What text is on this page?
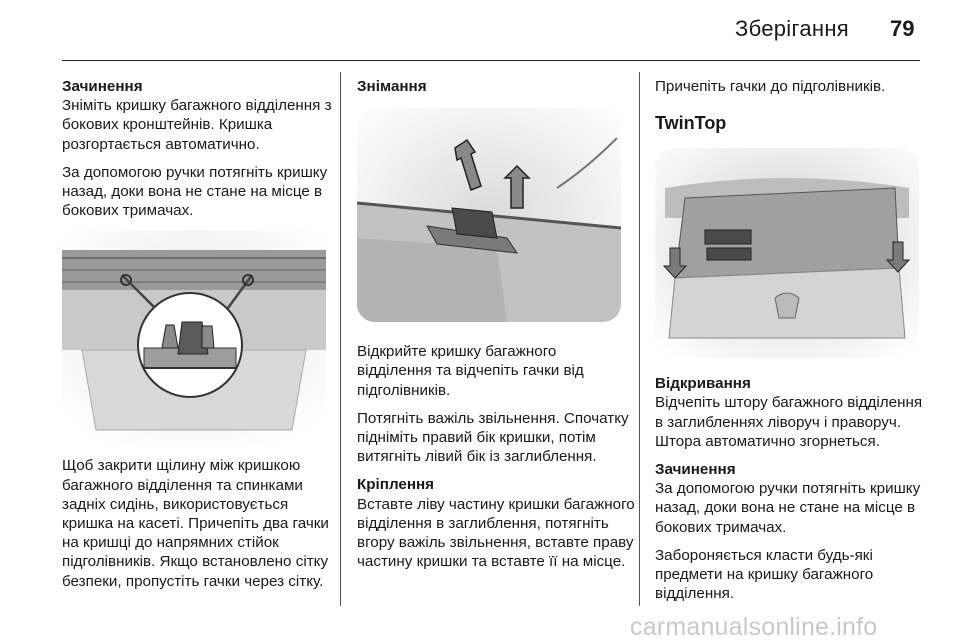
Зберігання 79
Зачинення

Зніміть кришку багажного відділення з бокових кронштейнів. Кришка розгортається автоматично.

За допомогою ручки потягніть кришку назад, доки вона не стане на місце в бокових тримачах.

Щоб закрити щілину між кришкою багажного відділення та спинками задніх сидінь, використовується кришка на касеті. Причепіть два гачки на кришці до напрямних стійок підголівників. Якщо встановлено сітку безпеки, пропустіть гачки через сітку.

Знімання

Відкрийте кришку багажного відділення та відчепіть гачки від підголівників.

Потягніть важіль звільнення. Спочатку підніміть правий бік кришки, потім витягніть лівий бік із заглиблення.

Кріплення

Вставте ліву частину кришки багажного відділення в заглиблення, потягніть вгору важіль звільнення, вставте праву частину кришки та вставте її на місце.

Причепіть гачки до підголівників.

TwinTop
Відкривання

Відчепіть штору багажного відділення в заглибленнях ліворуч і праворуч. Штора автоматично згорнеться.

Зачинення

За допомогою ручки потягніть кришку назад, доки вона не стане на місце в бокових тримачах.

Забороняється класти будь-які предмети на кришку багажного відділення.

carmanualsonline.info
